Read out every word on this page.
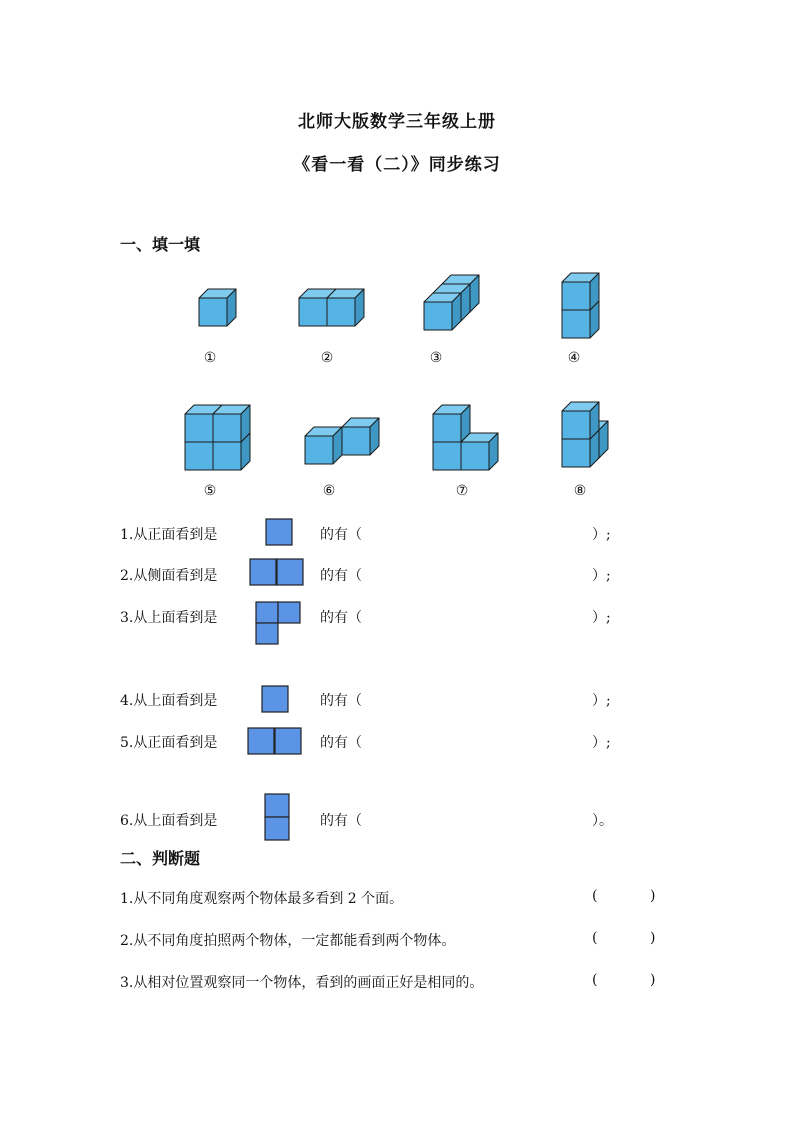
北师大版数学三年级上册
《看一看（二）》同步练习
一、填一填
①	②	③	④
⑤	⑥	⑦	⑧
1.从正面看到是	的有（	）;
2.从侧面看到是	的有（	）;
3.从上面看到是	的有（	）;
4.从上面看到是	的有（	）;
5.从正面看到是	的有（	）;
6.从上面看到是	的有（	）。
二、判断题
1.从不同角度观察两个物体最多看到 2 个面。	(	)
2.从不同角度拍照两个物体，一定都能看到两个物体。	(	)
3.从相对位置观察同一个物体，看到的画面正好是相同的。	(	)
